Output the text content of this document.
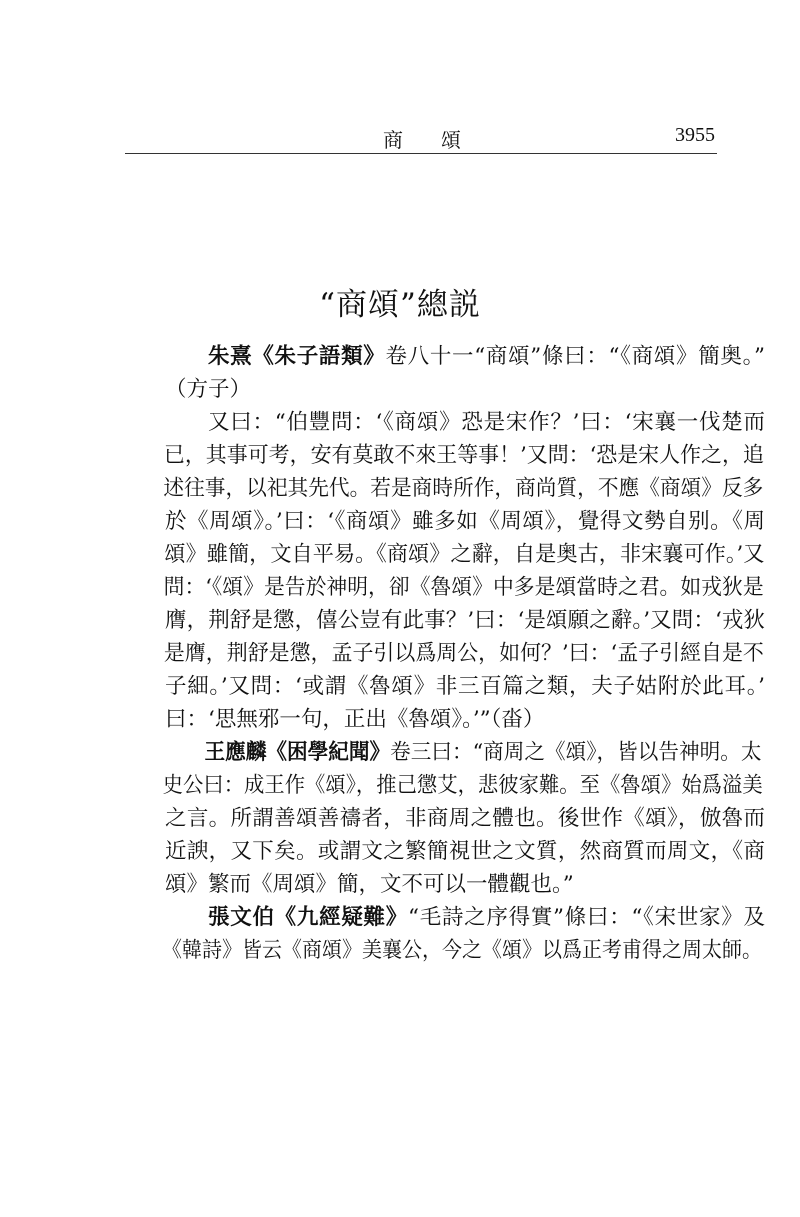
商頌	3955
“商頌”總説
朱熹《朱子語類》卷八十一“商頌”條曰：“《商頌》簡奥。”
（方子）
又曰：“伯豐問：‘《商頌》恐是宋作？’曰：‘宋襄一伐楚而
已，其事可考，安有莫敢不來王等事！’又問：‘恐是宋人作之，追
述往事，以祀其先代。若是商時所作，商尚質，不應《商頌》反多
於《周頌》。’曰：‘《商頌》雖多如《周頌》，覺得文勢自别。《周
頌》雖簡，文自平易。《商頌》之辭，自是奥古，非宋襄可作。’又
問：‘《頌》是告於神明，卻《魯頌》中多是頌當時之君。如戎狄是
膺，荆舒是懲，僖公豈有此事？’曰：‘是頌願之辭。’又問：‘戎狄
是膺，荆舒是懲，孟子引以爲周公，如何？’曰：‘孟子引經自是不
子細。’又問：‘或謂《魯頌》非三百篇之類，夫子姑附於此耳。’
曰：‘思無邪一句，正出《魯頌》。’”（畓）
王應麟《困學紀聞》卷三曰：“商周之《頌》，皆以告神明。太
史公曰：成王作《頌》，推己懲艾，悲彼家難。至《魯頌》始爲溢美
之言。所謂善頌善禱者，非商周之體也。後世作《頌》，倣魯而
近諛，又下矣。或謂文之繁簡視世之文質，然商質而周文，《商
頌》繁而《周頌》簡，文不可以一體觀也。”
張文伯《九經疑難》“毛詩之序得實”條曰：“《宋世家》及
《韓詩》皆云《商頌》美襄公，今之《頌》以爲正考甫得之周太師。
